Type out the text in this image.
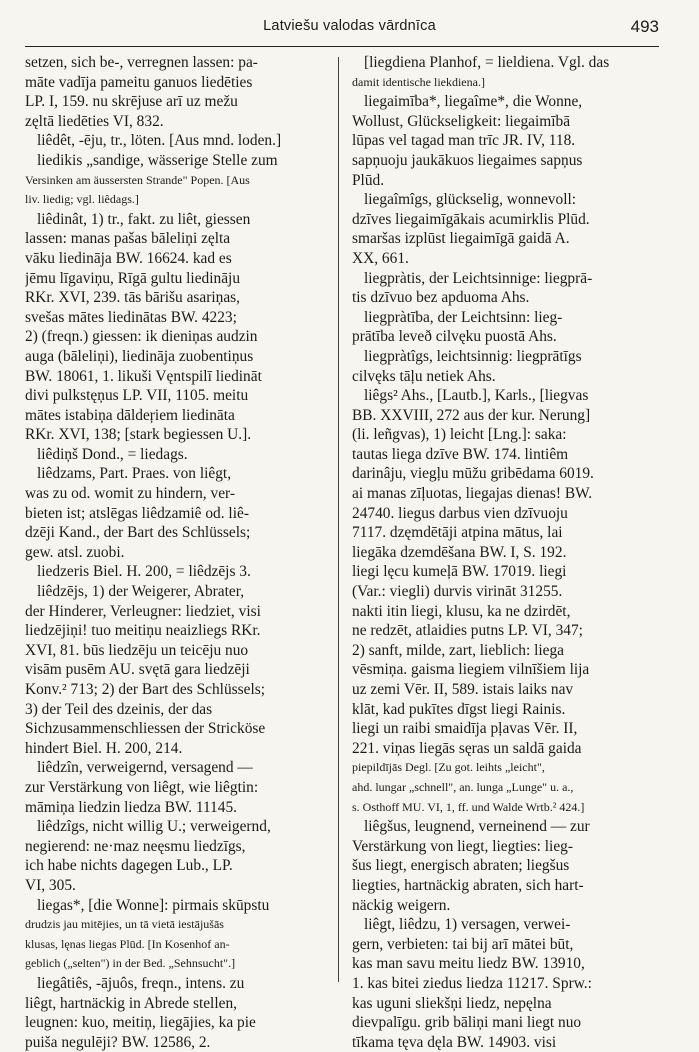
Latviešu valodas vārdnīca	493
setzen, sich be-, verregnen lassen: pa-
māte vadīja pameitu ganuos liedēties
LP. I, 159. nu skrējuse arī uz mežu
zęltā liedēties VI, 832.
liêdêt, -ēju, tr., löten. [Aus mnd. loden.]
liedikis „sandige, wässerige Stelle zum
Versinken am äussersten Strande" Popen. [Aus
liv. liedig; vgl. liêdags.]
liêdinât, 1) tr., fakt. zu liêt, giessen
lassen: manas pašas bāleliņi zęlta
vāku liedināja BW. 16624. kad es
jēmu līgaviņu, Rīgā gultu liedināju
RKr. XVI, 239. tās bārišu asariņas,
svešas mātes liedinātas BW. 4223;
2) (freqn.) giessen: ik dieniņas audzin
auga (bāleliņi), liedināja zuobentiņus
BW. 18061, 1. likuši Vęntspilī liedināt
divi pulkstęņus LP. VII, 1105. meitu
mātes istabiņa dāldeŗiem liedināta
RKr. XVI, 138; [stark begiessen U.].
liêdiņš Dond., = liedags.
liêdzams, Part. Praes. von liêgt,
was zu od. womit zu hindern, ver-
bieten ist; atslēgas liêdzamiê od. liê-
dzēji Kand., der Bart des Schlüssels;
gew. atsl. zuobi.
liedzeris Biel. H. 200, = liêdzējs 3.
liêdzējs, 1) der Weigerer, Abrater,
der Hinderer, Verleugner: liedziet, visi
liedzējiņi! tuo meitiņu neaizliegs RKr.
XVI, 81. būs liedzēju un teicēju nuo
visām pusēm AU. svętā gara liedzēji
Konv.² 713; 2) der Bart des Schlüssels;
3) der Teil des dzeinis, der das
Sichzusammenschliessen der Stricköse
hindert Biel. H. 200, 214.
liêdzîn, verweigernd, versagend —
zur Verstärkung von liêgt, wie liêgtin:
māmiņa liedzin liedza BW. 11145.
liêdzîgs, nicht willig U.; verweigernd,
negierend: ne·maz neęsmu liedzīgs,
ich habe nichts dagegen Lub., LP.
VI, 305.
liegas*, [die Wonne]: pirmais skūpstu
drudzis jau mitējies, un tā vietā iestājušās
klusas, lęnas liegas Plūd. [In Kosenhof an-
geblich („selten") in der Bed. „Sehnsucht".]
liegâtiês, -ājuôs, freqn., intens. zu
liêgt, hartnäckig in Abrede stellen,
leugnen: kuo, meitiņ, liegājies, ka pie
puiša negulēji? BW. 12586, 2.
[liegdiena Planhof, = lieldiena. Vgl. das
damit identische liekdiena.]
liegaimība*, liegaîme*, die Wonne,
Wollust, Glückseligkeit: liegaimībā
lūpas vel tagad man trīc JR. IV, 118.
sapņuoju jaukākuos liegaimes sapņus
Plūd.
liegaîmîgs, glückselig, wonnevoll:
dzīves liegaimīgākais acumirklis Plūd.
smaršas izplūst liegaimīgā gaidā A.
XX, 661.
liegpràtis, der Leichtsinnige: liegprā-
tis dzīvuo bez apduoma Ahs.
liegpràtība, der Leichtsinn: lieg-
prātība leveð cilvęku puostā Ahs.
liegpràtîgs, leichtsinnig: liegprātīgs
cilvęks tāļu netiek Ahs.
liêgs² Ahs., [Lautb.], Karls., [liegvas
BB. XXVIII, 272 aus der kur. Nerung]
(li. leñgvas), 1) leicht [Lng.]: saka:
tautas liega dzīve BW. 174. lintiêm
darinâju, viegļu mūžu gribēdama 6019.
ai manas zīļuotas, liegajas dienas! BW.
24740. liegus darbus vien dzīvuoju
7117. dzęmdētāji atpina mātus, lai
liegāka dzemdēšana BW. I, S. 192.
liegi lęcu kumeļā BW. 17019. liegi
(Var.: viegli) durvis virināt 31255.
nakti itin liegi, klusu, ka ne dzirdēt,
ne redzēt, atlaidies putns LP. VI, 347;
2) sanft, milde, zart, lieblich: liega
vēsmiņa. gaisma liegiem vilnīšiem lija
uz zemi Vēr. II, 589. istais laiks nav
klāt, kad pukītes dīgst liegi Rainis.
liegi un raibi smaidīja pļavas Vēr. II,
221. viņas liegās sęras un saldā gaida
piepildījās Degl. [Zu got. leihts „leicht",
ahd. lungar „schnell", an. lunga „Lunge" u. a.,
s. Osthoff MU. VI, 1, ff. und Walde Wrtb.² 424.]
liêgšus, leugnend, verneinend — zur
Verstärkung von liegt, liegties: lieg-
šus liegt, energisch abraten; liegšus
liegties, hartnäckig abraten, sich hart-
näckig weigern.
liêgt, liêdzu, 1) versagen, verwei-
gern, verbieten: tai bij arī mātei būt,
kas man savu meitu liedz BW. 13910,
1. kas bitei ziedus liedza 11217. Sprw.:
kas uguni sliekšņi liedz, nepęlna
dievpalīgu. grib bāliņi mani liegt nuo
tīkama tęva dęla BW. 14903. visi
